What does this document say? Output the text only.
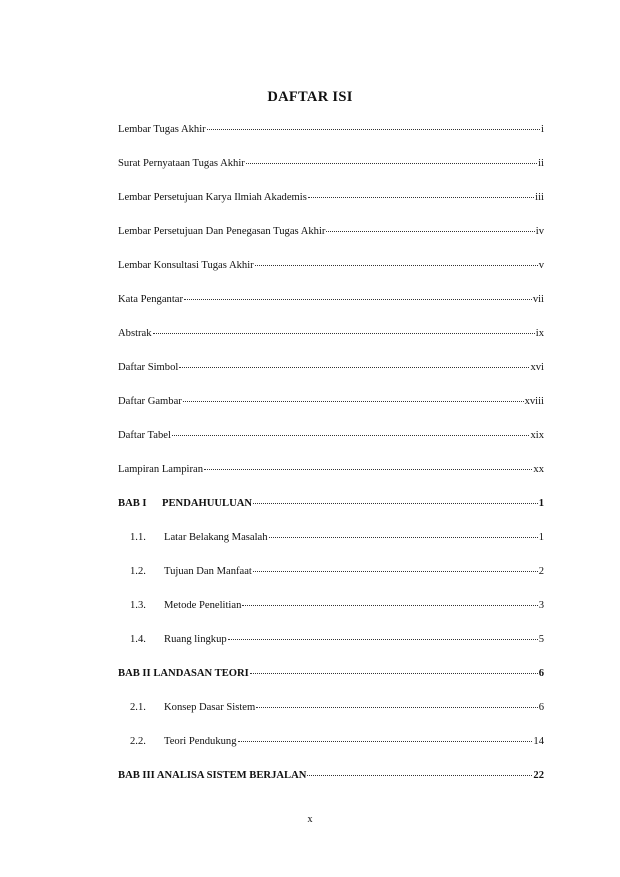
DAFTAR ISI
Lembar Tugas Akhir	i
Surat Pernyataan Tugas Akhir	ii
Lembar Persetujuan Karya Ilmiah Akademis	iii
Lembar Persetujuan Dan Penegasan Tugas Akhir	iv
Lembar Konsultasi Tugas Akhir	v
Kata Pengantar	vii
Abstrak	ix
Daftar Simbol	xvi
Daftar Gambar	xviii
Daftar Tabel	xix
Lampiran Lampiran	xx
BAB I	PENDAHUULUAN	1
1.1.	Latar Belakang Masalah	1
1.2.	Tujuan Dan Manfaat	2
1.3.	Metode Penelitian	3
1.4.	Ruang lingkup	5
BAB II LANDASAN TEORI	6
2.1.	Konsep Dasar Sistem	6
2.2.	Teori Pendukung	14
BAB III ANALISA SISTEM BERJALAN	22
x
